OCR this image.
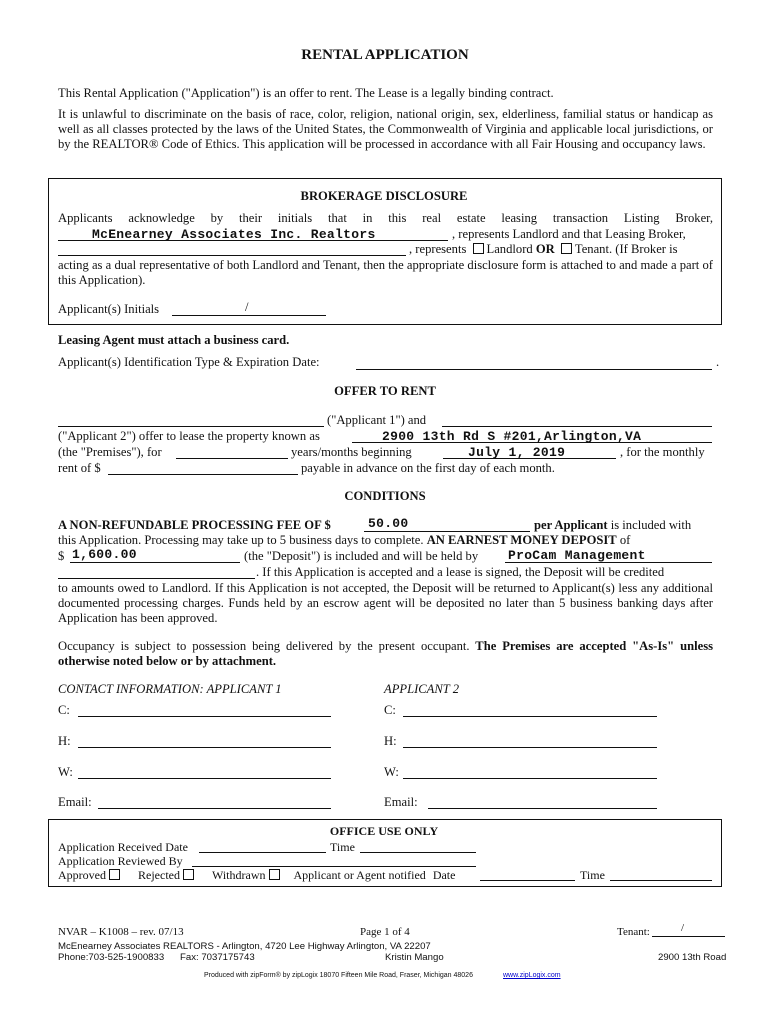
RENTAL APPLICATION
This Rental Application ("Application") is an offer to rent. The Lease is a legally binding contract.
It is unlawful to discriminate on the basis of race, color, religion, national origin, sex, elderliness, familial status or handicap as well as all classes protected by the laws of the United States, the Commonwealth of Virginia and applicable local jurisdictions, or by the REALTOR® Code of Ethics. This application will be processed in accordance with all Fair Housing and occupancy laws.
BROKERAGE DISCLOSURE
Applicants acknowledge by their initials that in this real estate leasing transaction Listing Broker,
McEnearney Associates Inc. Realtors	, represents Landlord and that Leasing Broker,
, represents Landlord OR Tenant. (If Broker is
acting as a dual representative of both Landlord and Tenant, then the appropriate disclosure form is attached to and made a part of this Application).
Applicant(s) Initials	/
Leasing Agent must attach a business card.
Applicant(s) Identification Type & Expiration Date:	.
OFFER TO RENT
("Applicant 1") and
("Applicant 2") offer to lease the property known as	2900 13th Rd S #201,Arlington,VA
(the "Premises"), for	years/months beginning	July 1, 2019	, for the monthly
rent of $	payable in advance on the first day of each month.
CONDITIONS
A NON-REFUNDABLE PROCESSING FEE OF $	50.00	per Applicant is included with
this Application. Processing may take up to 5 business days to complete. AN EARNEST MONEY DEPOSIT of
$ 1,600.00	(the "Deposit") is included and will be held by ProCam Management
. If this Application is accepted and a lease is signed, the Deposit will be credited
to amounts owed to Landlord. If this Application is not accepted, the Deposit will be returned to Applicant(s) less any additional documented processing charges. Funds held by an escrow agent will be deposited no later than 5 business banking days after Application has been approved.
Occupancy is subject to possession being delivered by the present occupant. The Premises are accepted "As-Is" unless otherwise noted below or by attachment.
CONTACT INFORMATION: APPLICANT 1	APPLICANT 2
C:	C:
H:	H:
W:	W:
Email:	Email:
OFFICE USE ONLY
Application Received Date	Time
Application Reviewed By
Approved	Rejected	Withdrawn Applicant or Agent notified Date	Time
NVAR – K1008 – rev. 07/13	Page 1 of 4	Tenant:	/
McEnearney Associates REALTORS - Arlington, 4720 Lee Highway Arlington, VA 22207
Phone:703-525-1900833 Fax: 7037175743	Kristin Mango	2900 13th Road
Produced with zipForm® by zipLogix 18070 Fifteen Mile Road, Fraser, Michigan 48026	www.zipLogix.com
